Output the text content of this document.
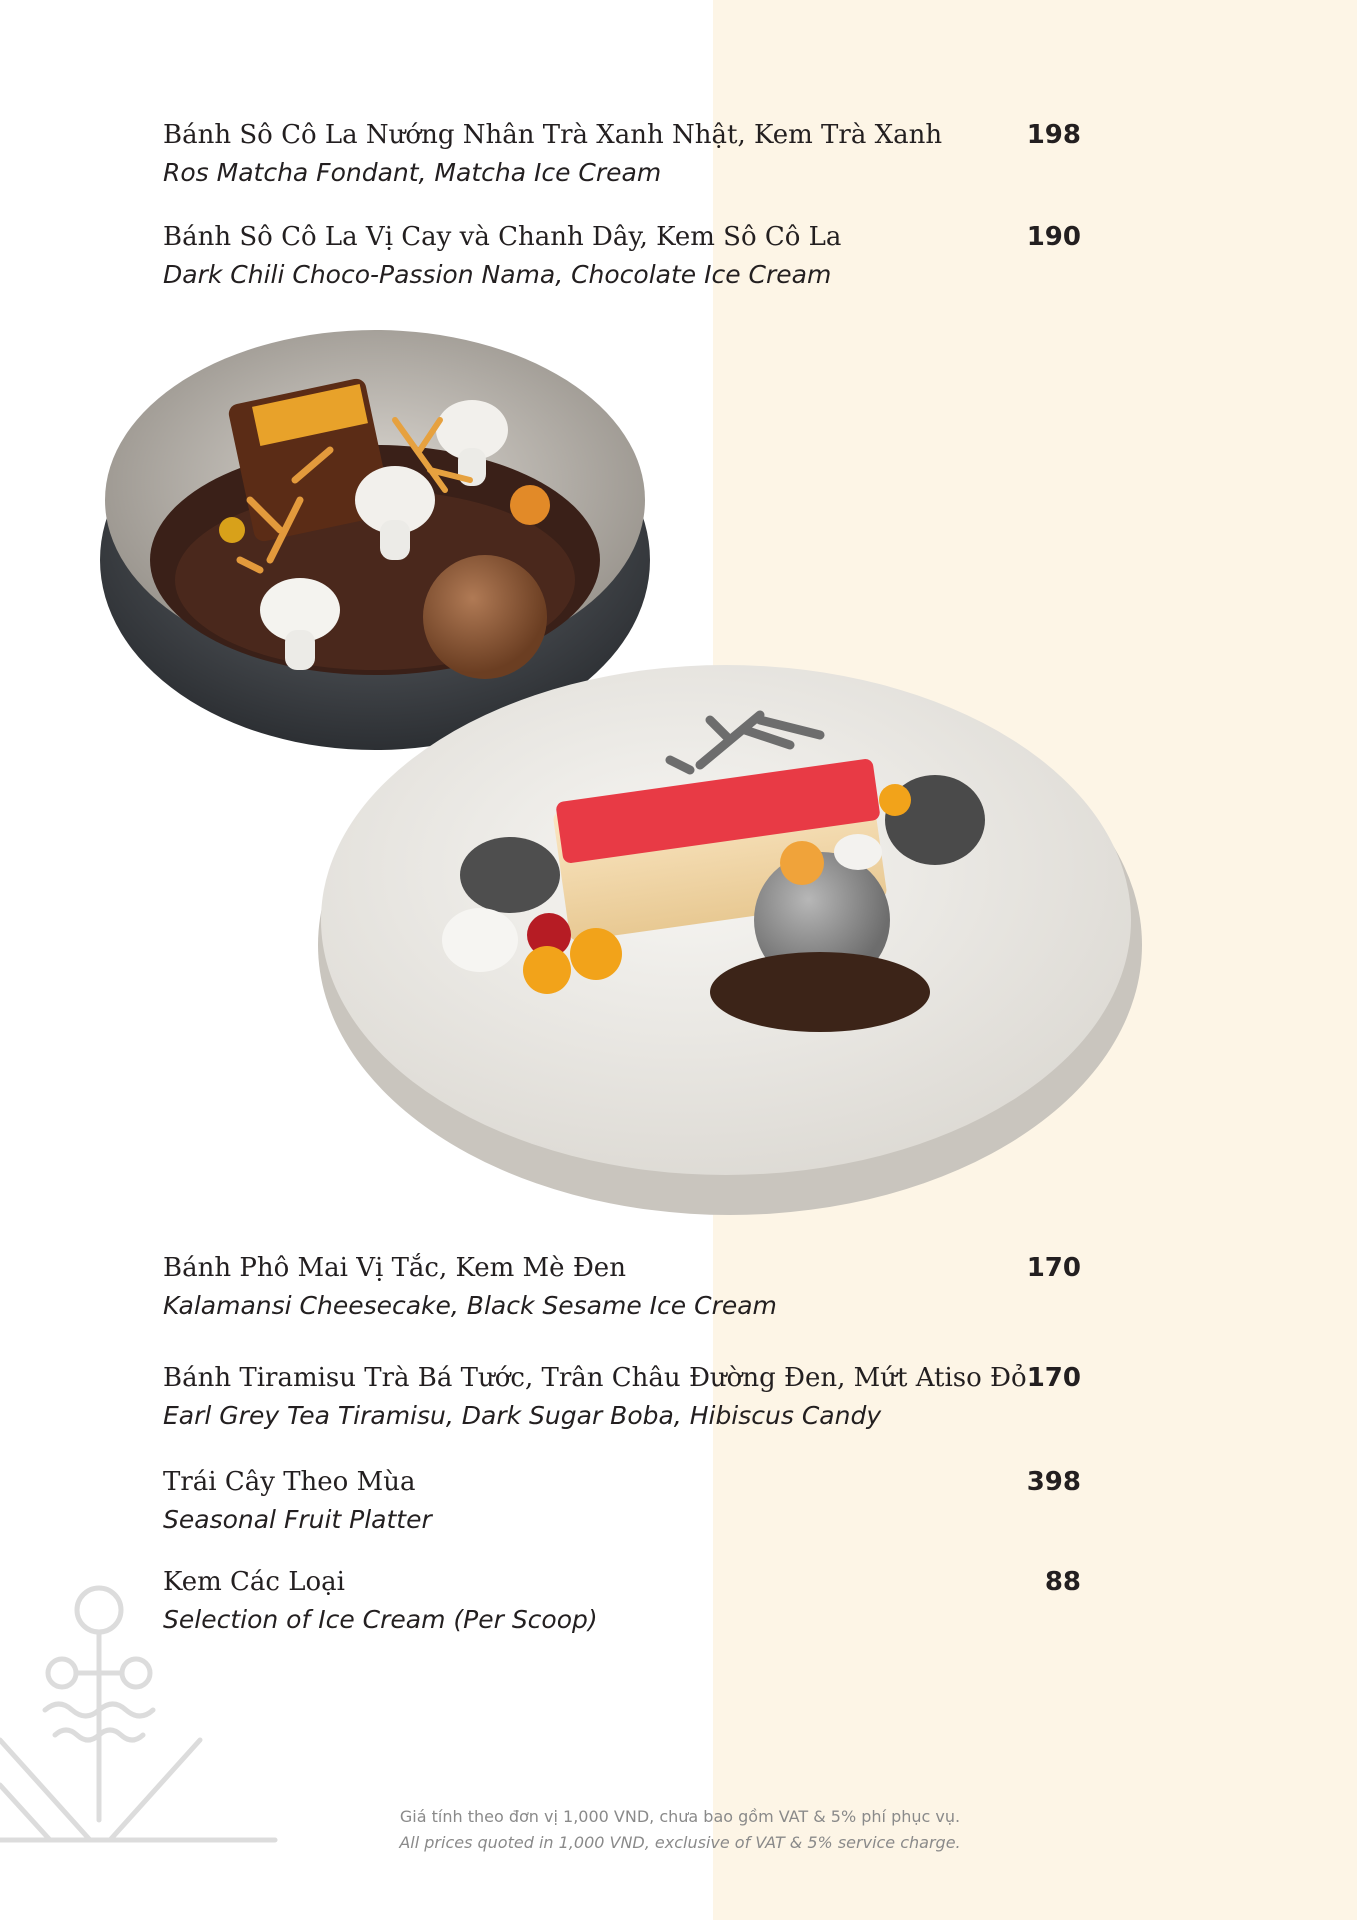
Bánh Sô Cô La Nướng Nhân Trà Xanh Nhật, Kem Trà Xanh
Ros Matcha Fondant, Matcha Ice Cream
198
Bánh Sô Cô La Vị Cay và Chanh Dây, Kem Sô Cô La
Dark Chili Choco-Passion Nama, Chocolate Ice Cream
190
Bánh Phô Mai Vị Tắc, Kem Mè Đen
Kalamansi Cheesecake, Black Sesame Ice Cream
170
Bánh Tiramisu Trà Bá Tước, Trân Châu Đường Đen, Mứt Atiso Đỏ
Earl Grey Tea Tiramisu, Dark Sugar Boba, Hibiscus Candy
170
Trái Cây Theo Mùa
Seasonal Fruit Platter
398
Kem Các Loại
Selection of Ice Cream (Per Scoop)
88
Giá tính theo đơn vị 1,000 VND, chưa bao gồm VAT & 5% phí phục vụ.
All prices quoted in 1,000 VND, exclusive of VAT & 5% service charge.
